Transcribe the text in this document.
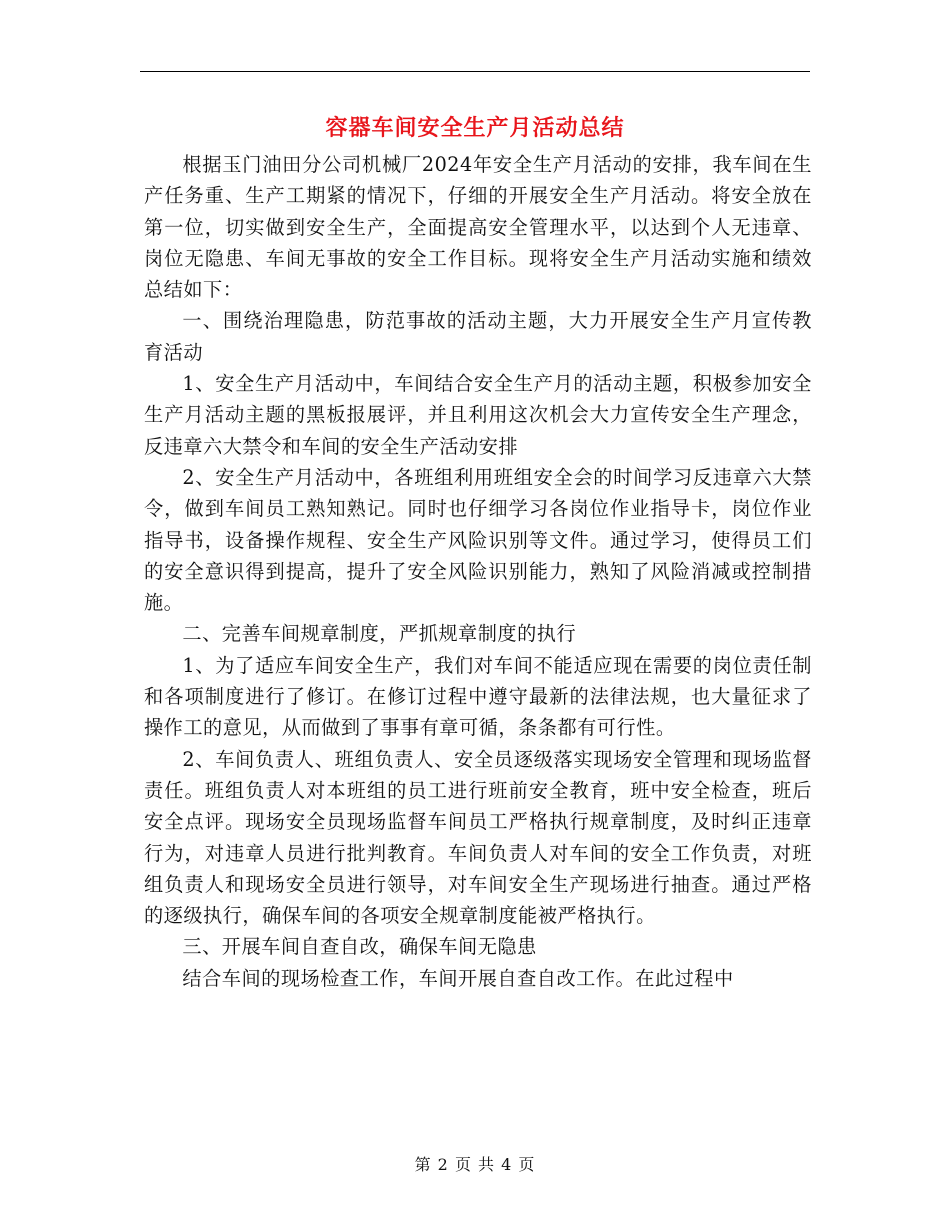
容器车间安全生产月活动总结

根据玉门油田分公司机械厂2024年安全生产月活动的安排，我车间在生产任务重、生产工期紧的情况下，仔细的开展安全生产月活动。将安全放在第一位，切实做到安全生产，全面提高安全管理水平，以达到个人无违章、岗位无隐患、车间无事故的安全工作目标。现将安全生产月活动实施和绩效总结如下：

一、围绕治理隐患，防范事故的活动主题，大力开展安全生产月宣传教育活动

1、安全生产月活动中，车间结合安全生产月的活动主题，积极参加安全生产月活动主题的黑板报展评，并且利用这次机会大力宣传安全生产理念，反违章六大禁令和车间的安全生产活动安排

2、安全生产月活动中，各班组利用班组安全会的时间学习反违章六大禁令，做到车间员工熟知熟记。同时也仔细学习各岗位作业指导卡，岗位作业指导书，设备操作规程、安全生产风险识别等文件。通过学习，使得员工们的安全意识得到提高，提升了安全风险识别能力，熟知了风险消减或控制措施。

二、完善车间规章制度，严抓规章制度的执行

1、为了适应车间安全生产，我们对车间不能适应现在需要的岗位责任制和各项制度进行了修订。在修订过程中遵守最新的法律法规，也大量征求了操作工的意见，从而做到了事事有章可循，条条都有可行性。

2、车间负责人、班组负责人、安全员逐级落实现场安全管理和现场监督责任。班组负责人对本班组的员工进行班前安全教育，班中安全检查，班后安全点评。现场安全员现场监督车间员工严格执行规章制度，及时纠正违章行为，对违章人员进行批判教育。车间负责人对车间的安全工作负责，对班组负责人和现场安全员进行领导，对车间安全生产现场进行抽查。通过严格的逐级执行，确保车间的各项安全规章制度能被严格执行。

三、开展车间自查自改，确保车间无隐患

结合车间的现场检查工作，车间开展自查自改工作。在此过程中

第 2 页 共 4 页
